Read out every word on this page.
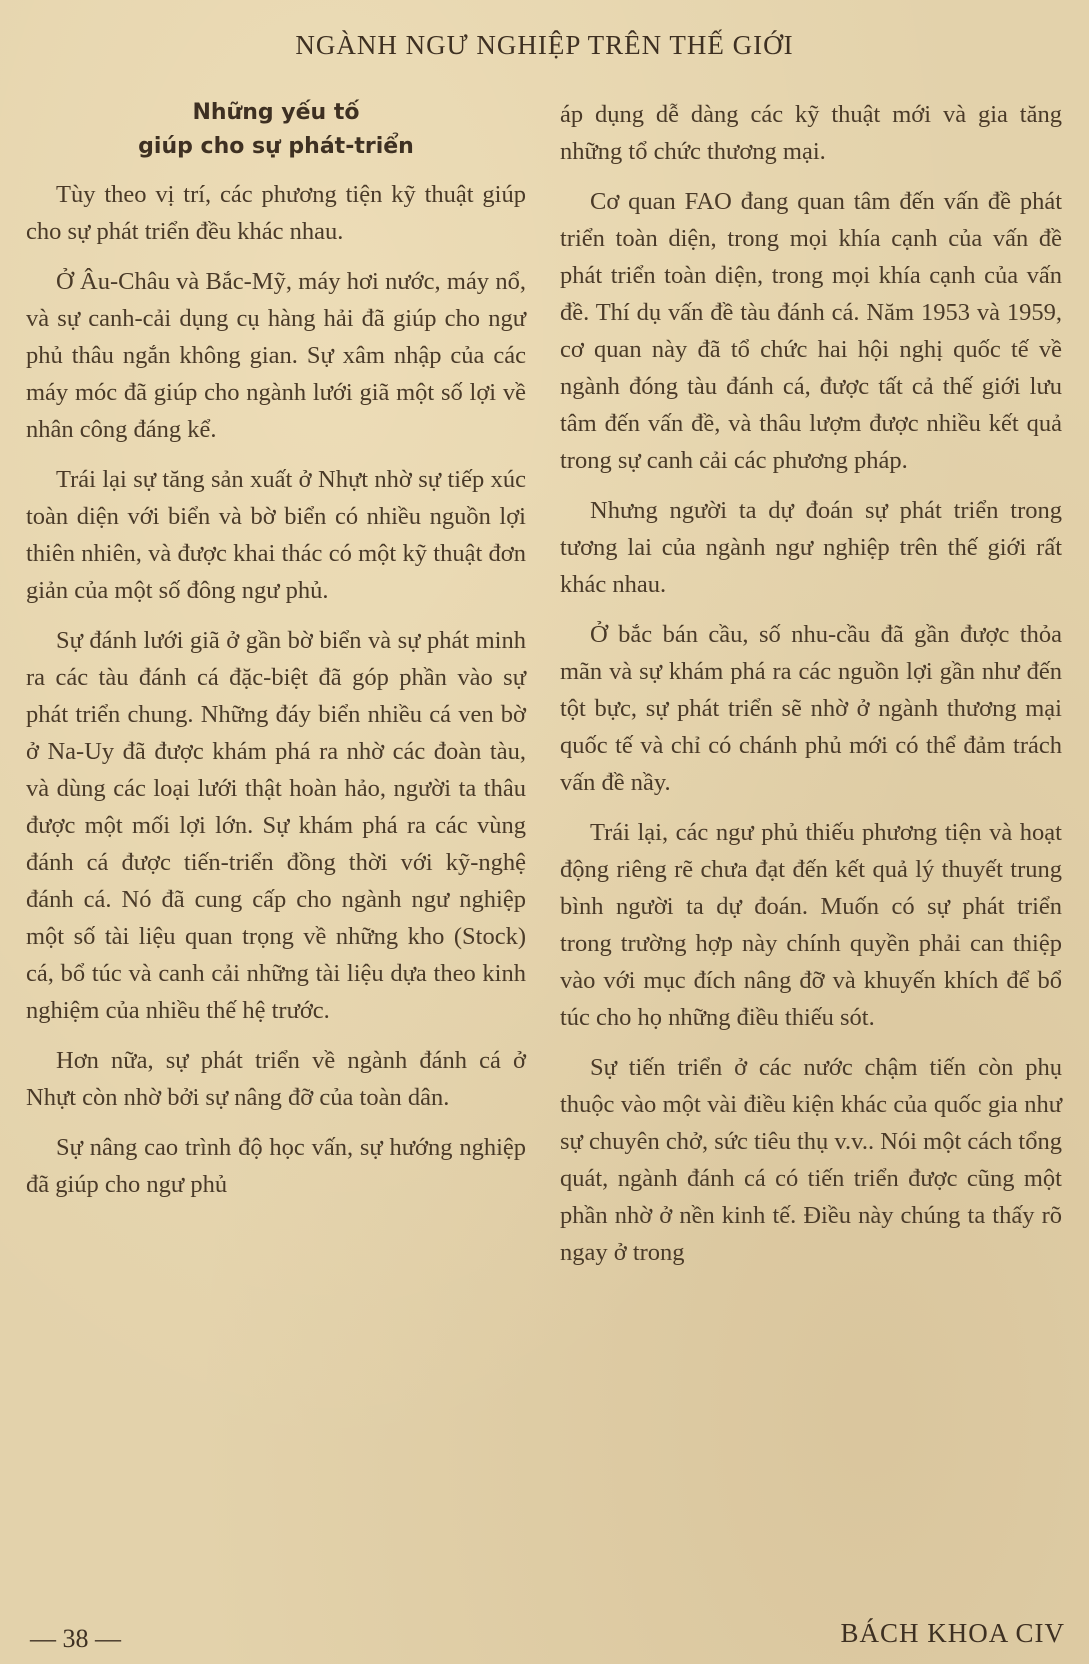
NGÀNH NGƯ NGHIỆP TRÊN THẾ GIỚI
Những yếu tố
giúp cho sự phát-triển

Tùy theo vị trí, các phương tiện kỹ thuật giúp cho sự phát triển đều khác nhau.

Ở Âu-Châu và Bắc-Mỹ, máy hơi nước, máy nổ, và sự canh-cải dụng cụ hàng hải đã giúp cho ngư phủ thâu ngắn không gian. Sự xâm nhập của các máy móc đã giúp cho ngành lưới giã một số lợi về nhân công đáng kể.

Trái lại sự tăng sản xuất ở Nhựt nhờ sự tiếp xúc toàn diện với biển và bờ biển có nhiều nguồn lợi thiên nhiên, và được khai thác có một kỹ thuật đơn giản của một số đông ngư phủ.

Sự đánh lưới giã ở gần bờ biển và sự phát minh ra các tàu đánh cá đặc-biệt đã góp phần vào sự phát triển chung. Những đáy biển nhiều cá ven bờ ở Na-Uy đã được khám phá ra nhờ các đoàn tàu, và dùng các loại lưới thật hoàn hảo, người ta thâu được một mối lợi lớn. Sự khám phá ra các vùng đánh cá được tiến-triển đồng thời với kỹ-nghệ đánh cá. Nó đã cung cấp cho ngành ngư nghiệp một số tài liệu quan trọng về những kho (Stock) cá, bổ túc và canh cải những tài liệu dựa theo kinh nghiệm của nhiều thế hệ trước.

Hơn nữa, sự phát triển về ngành đánh cá ở Nhựt còn nhờ bởi sự nâng đỡ của toàn dân.

Sự nâng cao trình độ học vấn, sự hướng nghiệp đã giúp cho ngư phủ

áp dụng dễ dàng các kỹ thuật mới và gia tăng những tổ chức thương mại.

Cơ quan FAO đang quan tâm đến vấn đề phát triển toàn diện, trong mọi khía cạnh của vấn đề phát triển toàn diện, trong mọi khía cạnh của vấn đề. Thí dụ vấn đề tàu đánh cá. Năm 1953 và 1959, cơ quan này đã tổ chức hai hội nghị quốc tế về ngành đóng tàu đánh cá, được tất cả thế giới lưu tâm đến vấn đề, và thâu lượm được nhiều kết quả trong sự canh cải các phương pháp.

Nhưng người ta dự đoán sự phát triển trong tương lai của ngành ngư nghiệp trên thế giới rất khác nhau.

Ở bắc bán cầu, số nhu-cầu đã gần được thỏa mãn và sự khám phá ra các nguồn lợi gần như đến tột bực, sự phát triển sẽ nhờ ở ngành thương mại quốc tế và chỉ có chánh phủ mới có thể đảm trách vấn đề nầy.

Trái lại, các ngư phủ thiếu phương tiện và hoạt động riêng rẽ chưa đạt đến kết quả lý thuyết trung bình người ta dự đoán. Muốn có sự phát triển trong trường hợp này chính quyền phải can thiệp vào với mục đích nâng đỡ và khuyến khích để bổ túc cho họ những điều thiếu sót.

Sự tiến triển ở các nước chậm tiến còn phụ thuộc vào một vài điều kiện khác của quốc gia như sự chuyên chở, sức tiêu thụ v.v.. Nói một cách tổng quát, ngành đánh cá có tiến triển được cũng một phần nhờ ở nền kinh tế. Điều này chúng ta thấy rõ ngay ở trong

— 38 —	BÁCH KHOA CIV
